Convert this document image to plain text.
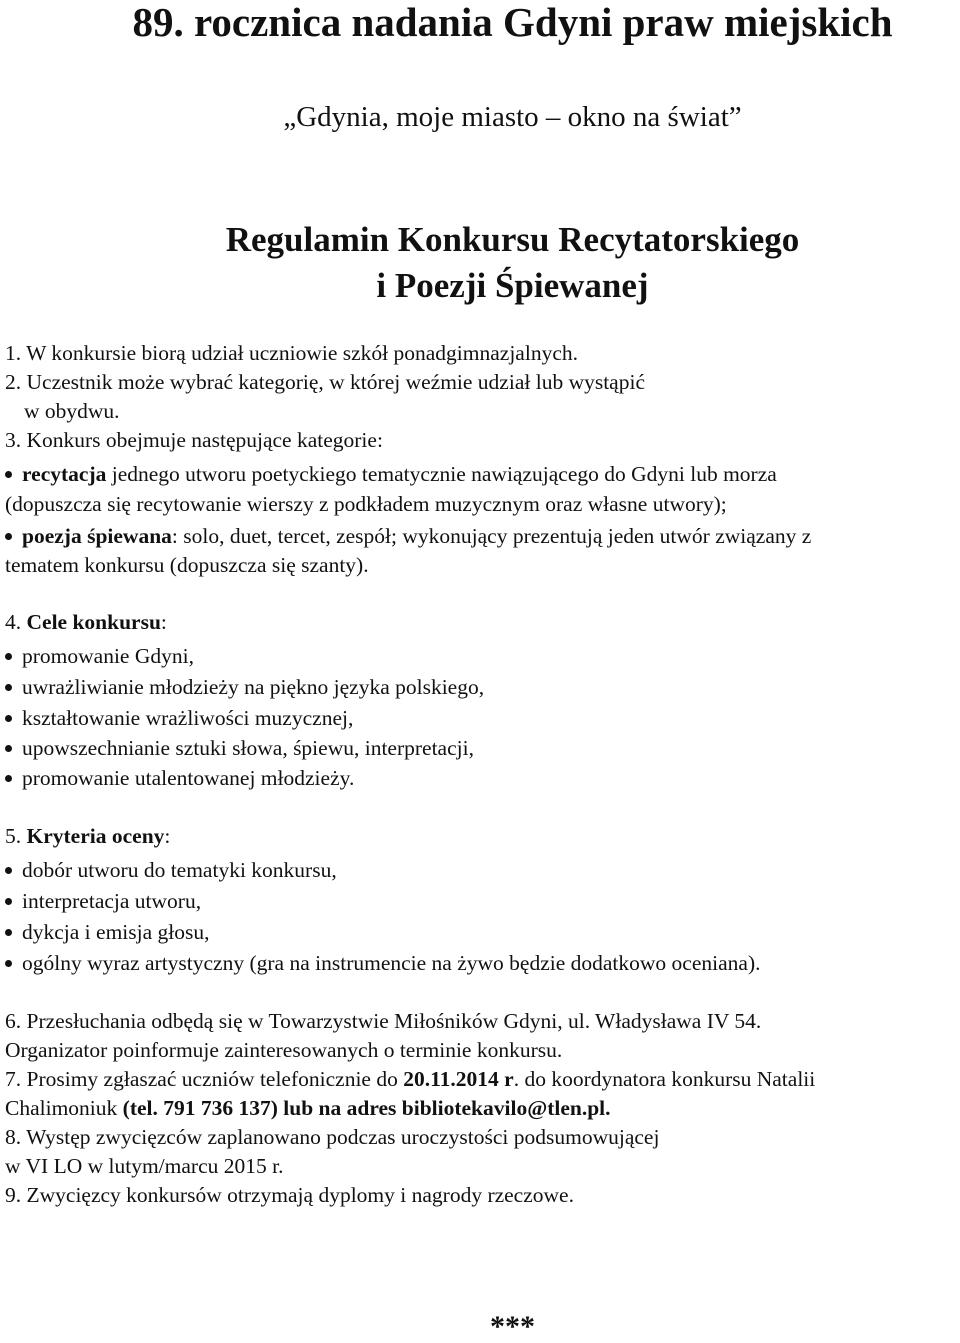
89. rocznica nadania Gdyni praw miejskich
„Gdynia, moje miasto – okno na świat”
Regulamin Konkursu Recytatorskiego
i Poezji Śpiewanej
1. W konkursie biorą udział uczniowie szkół ponadgimnazjalnych.
2. Uczestnik może wybrać kategorię, w której weźmie udział lub wystąpić
w obydwu.
3. Konkurs obejmuje następujące kategorie:
recytacja jednego utworu poetyckiego tematycznie nawiązującego do Gdyni lub morza
(dopuszcza się recytowanie wierszy z podkładem muzycznym oraz własne utwory);
poezja śpiewana: solo, duet, tercet, zespół; wykonujący prezentują jeden utwór związany z
tematem konkursu (dopuszcza się szanty).
4. Cele konkursu:
promowanie Gdyni,
uwrażliwianie młodzieży na piękno języka polskiego,
kształtowanie wrażliwości muzycznej,
upowszechnianie sztuki słowa, śpiewu, interpretacji,
promowanie utalentowanej młodzieży.
5. Kryteria oceny:
dobór utworu do tematyki konkursu,
interpretacja utworu,
dykcja i emisja głosu,
ogólny wyraz artystyczny (gra na instrumencie na żywo będzie dodatkowo oceniana).
6. Przesłuchania odbędą się w Towarzystwie Miłośników Gdyni, ul. Władysława IV 54.
Organizator poinformuje zainteresowanych o terminie konkursu.
7. Prosimy zgłaszać uczniów telefonicznie do 20.11.2014 r. do koordynatora konkursu Natalii
Chalimoniuk (tel. 791 736 137) lub na adres bibliotekavilo@tlen.pl.
8. Występ zwycięzców zaplanowano podczas uroczystości podsumowującej
w VI LO w lutym/marcu 2015 r.
9. Zwycięzcy konkursów otrzymają dyplomy i nagrody rzeczowe.
***
